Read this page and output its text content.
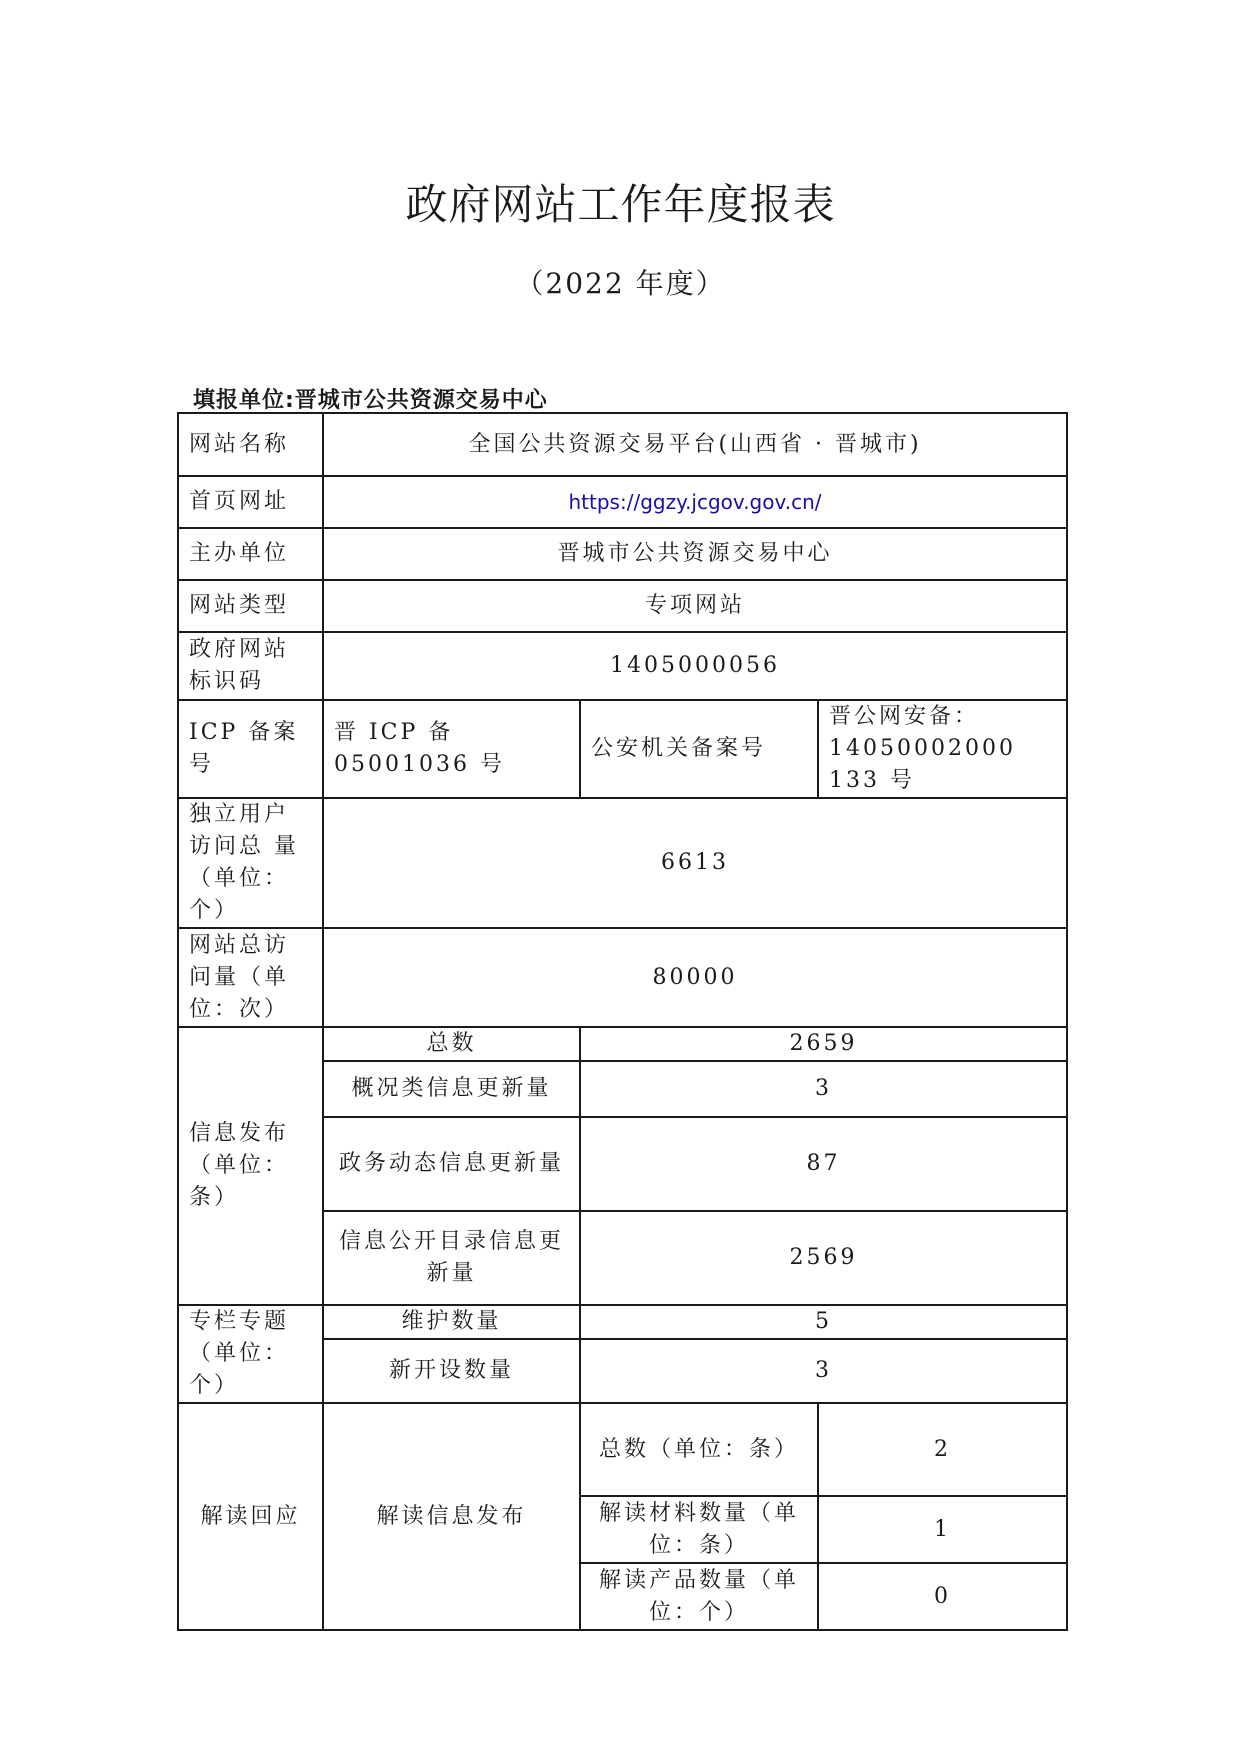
政府网站工作年度报表
（2022 年度）
填报单位:晋城市公共资源交易中心
网站名称	全国公共资源交易平台(山西省 · 晋城市)		
首页网址	https://ggzy.jcgov.gov.cn/		
主办单位	晋城市公共资源交易中心		
网站类型	专项网站		
政府网站标识码	1405000056		
ICP 备案号	晋 ICP 备 05001036 号	公安机关备案号	晋公网安备：14050002000 133 号
独立用户访问总 量（单位：个）	6613		
网站总访问量（单位：次）	80000		
信息发布（单位：条）	总数	2659	
	概况类信息更新量	3	
	政务动态信息更新量	87	
	信息公开目录信息更新量	2569	
专栏专题（单位：个）	维护数量	5	
	新开设数量	3	
解读回应	解读信息发布	总数（单位：条）	2
		解读材料数量（单位：条）	1
		解读产品数量（单位：个）	0
